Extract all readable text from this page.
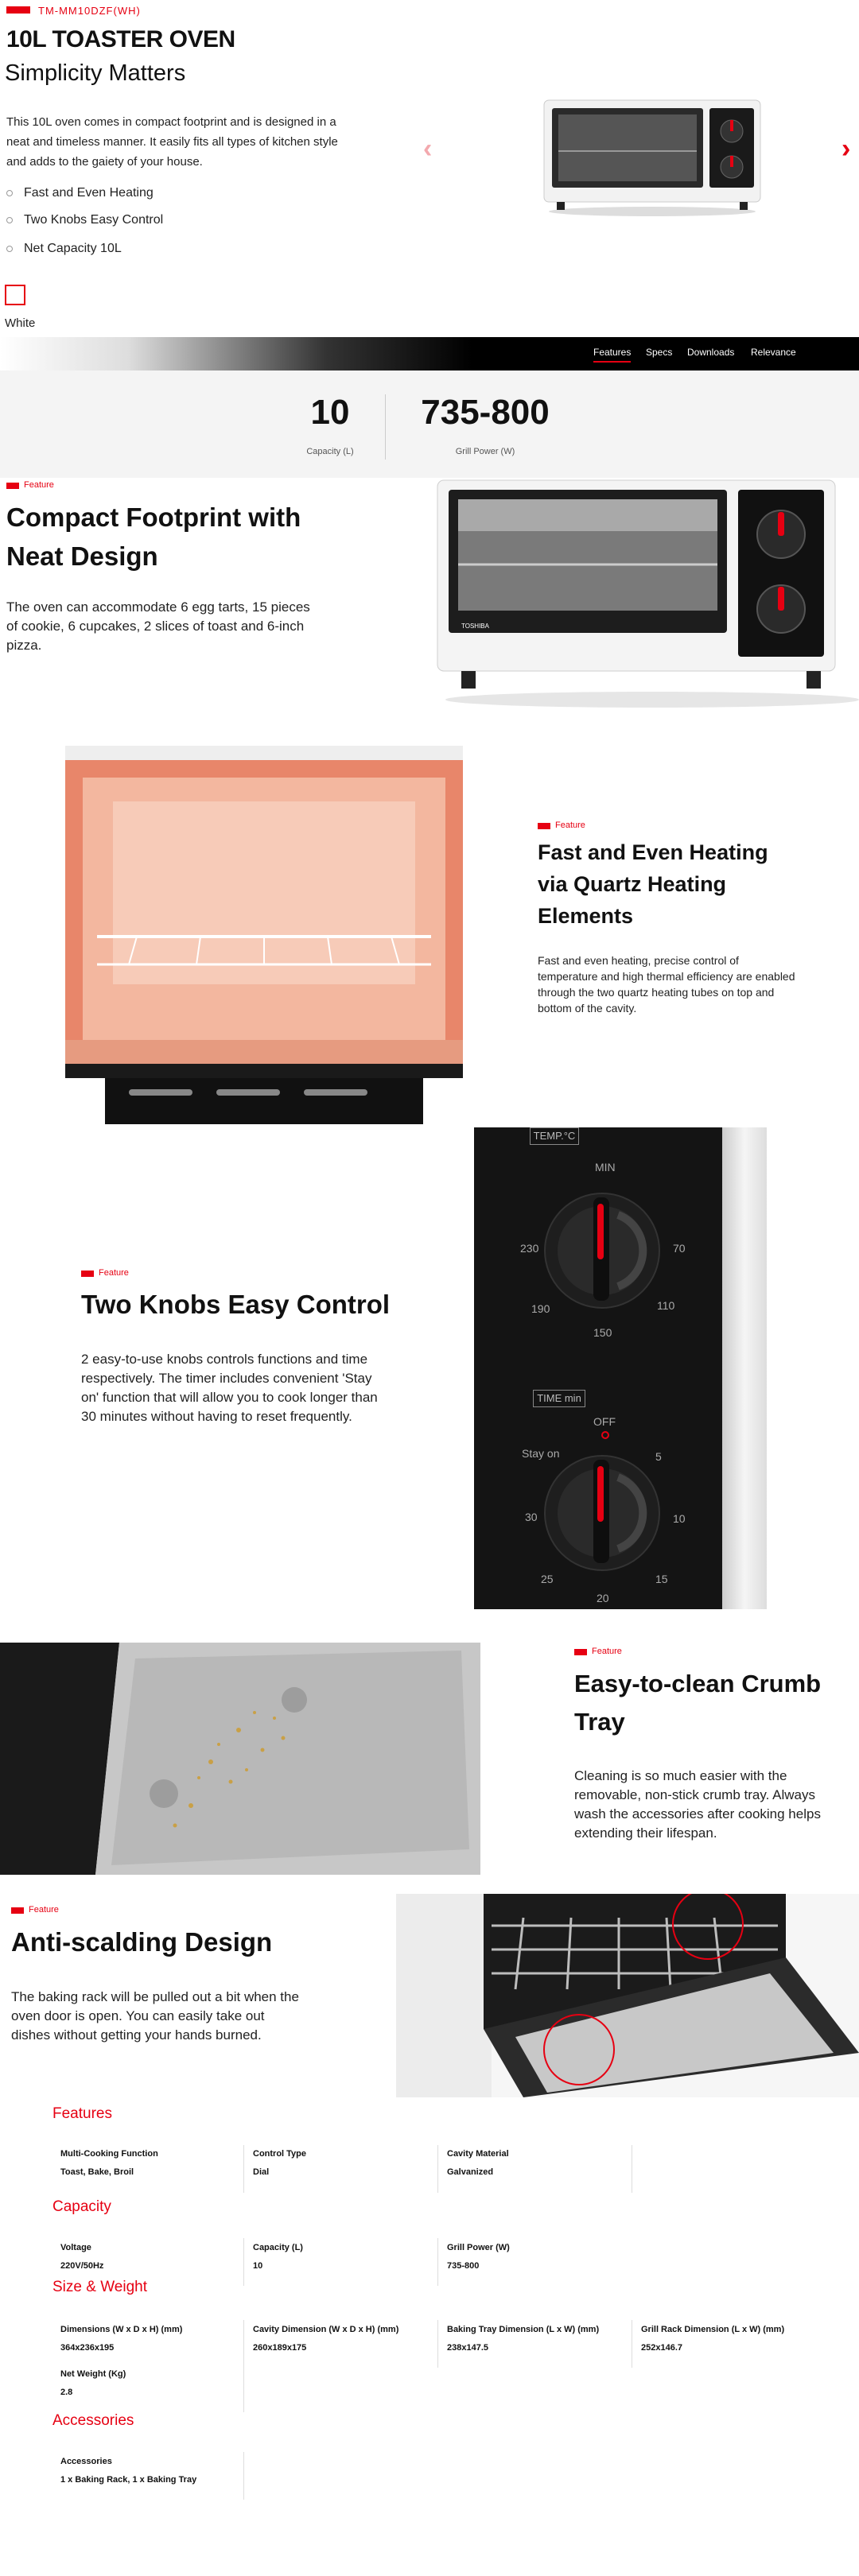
TM-MM10DZF(WH)
10L TOASTER OVEN
Simplicity Matters
This 10L oven comes in compact footprint and is designed in a neat and timeless manner. It easily fits all types of kitchen style and adds to the gaiety of your house.
Fast and Even Heating
Two Knobs Easy Control
Net Capacity 10L
White
‹	›
Features Specs Downloads Relevance
10
Capacity (L)
735-800
Grill Power (W)
Feature
Compact Footprint with Neat Design
The oven can accommodate 6 egg tarts, 15 pieces of cookie, 6 cupcakes, 2 slices of toast and 6-inch pizza.
TOSHIBA
Feature
Fast and Even Heating via Quartz Heating Elements
Fast and even heating, precise control of temperature and high thermal efficiency are enabled through the two quartz heating tubes on top and bottom of the cavity.
Feature
Two Knobs Easy Control
2 easy-to-use knobs controls functions and time respectively. The timer includes convenient 'Stay on' function that will allow you to cook longer than 30 minutes without having to reset frequently.
TEMP.°C
MIN
230	70
190	110
150
TIME min
OFF
Stay on	5
30	10
25	15
20
Feature
Easy-to-clean Crumb Tray
Cleaning is so much easier with the removable, non-stick crumb tray. Always wash the accessories after cooking helps extending their lifespan.
Feature
Anti-scalding Design
The baking rack will be pulled out a bit when the oven door is open. You can easily take out dishes without getting your hands burned.
Features
Multi-Cooking Function
Toast, Bake, Broil
Control Type
Dial
Cavity Material
Galvanized
Capacity
Voltage
220V/50Hz
Capacity (L)
10
Grill Power (W)
735-800
Size & Weight
Dimensions (W x D x H) (mm)
364x236x195
Cavity Dimension (W x D x H) (mm)
260x189x175
Baking Tray Dimension (L x W) (mm)
238x147.5
Grill Rack Dimension (L x W) (mm)
252x146.7
Net Weight (Kg)
2.8
Accessories
Accessories
1 x Baking Rack, 1 x Baking Tray
